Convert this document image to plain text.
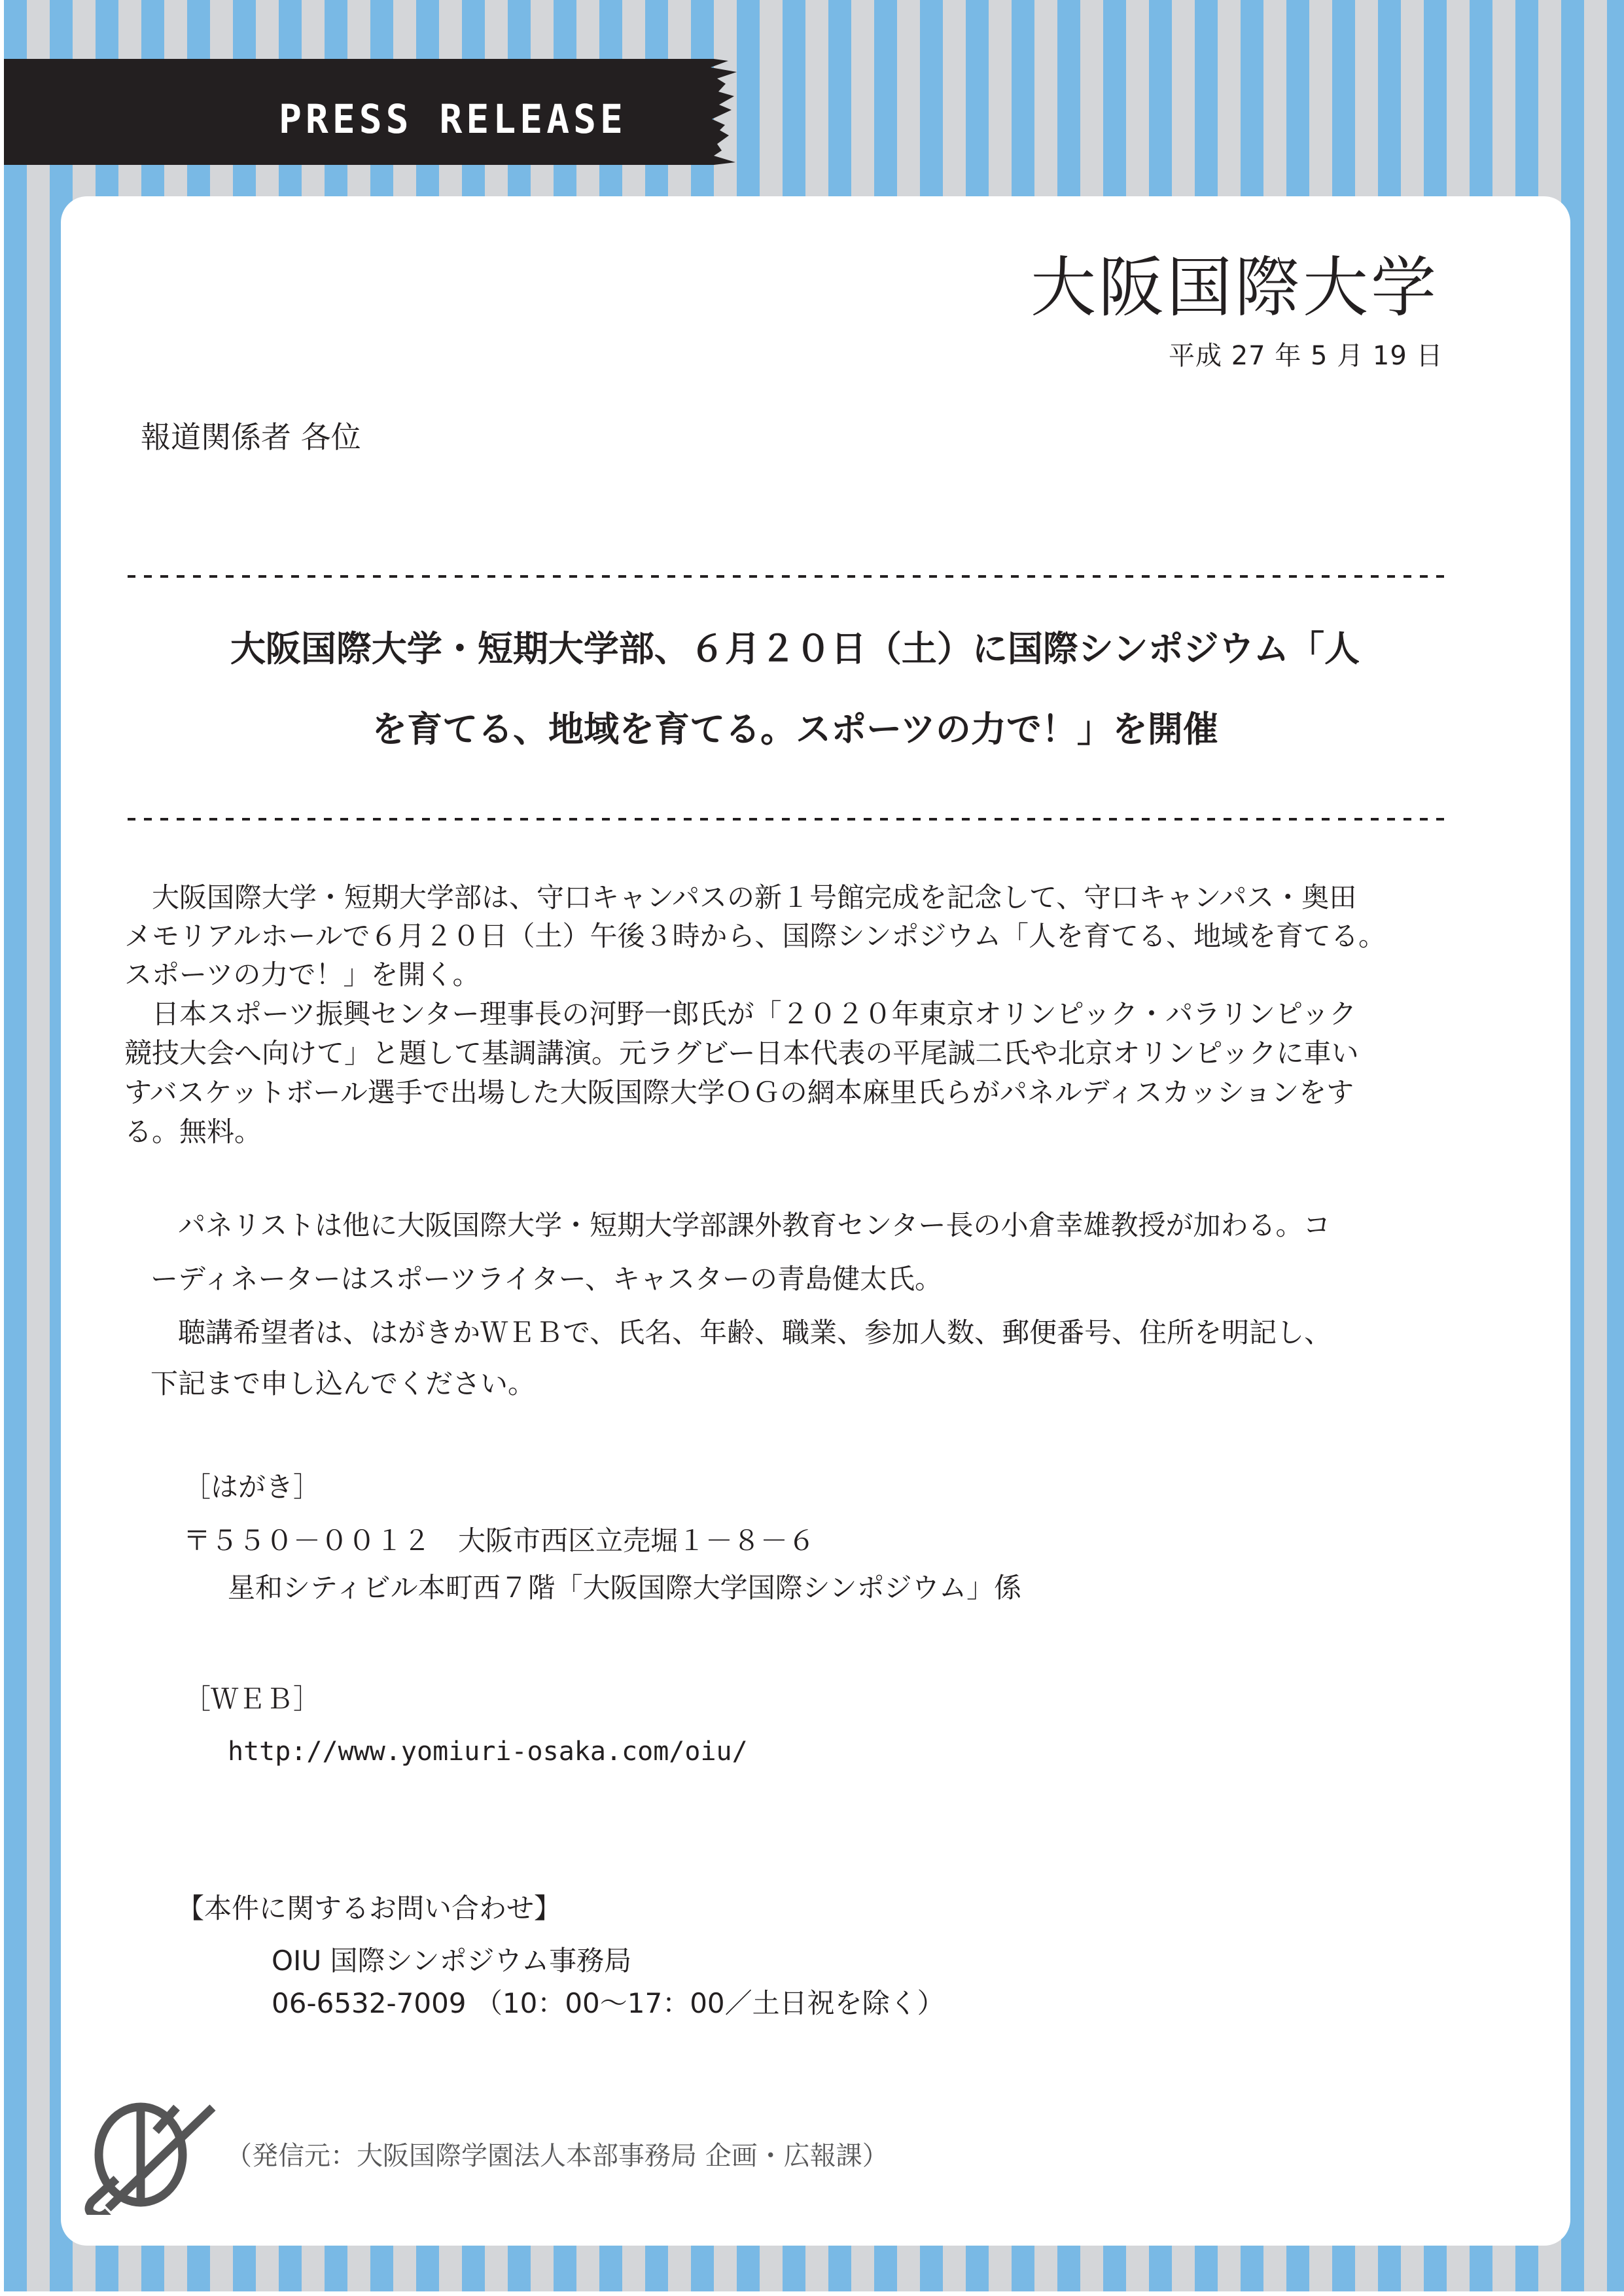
PRESS RELEASE
大阪国際大学
平成 27 年 5 月 19 日
報道関係者 各位
大阪国際大学・短期大学部、６月２０日（土）に国際シンポジウム「人
を育てる、地域を育てる。スポーツの力で！」を開催
　大阪国際大学・短期大学部は、守口キャンパスの新１号館完成を記念して、守口キャンパス・奥田
メモリアルホールで６月２０日（土）午後３時から、国際シンポジウム「人を育てる、地域を育てる。
スポーツの力で！」を開く。
　日本スポーツ振興センター理事長の河野一郎氏が「２０２０年東京オリンピック・パラリンピック
競技大会へ向けて」と題して基調講演。元ラグビー日本代表の平尾誠二氏や北京オリンピックに車い
すバスケットボール選手で出場した大阪国際大学ＯＧの網本麻里氏らがパネルディスカッションをす
る。無料。
　パネリストは他に大阪国際大学・短期大学部課外教育センター長の小倉幸雄教授が加わる。コ
ーディネーターはスポーツライター、キャスターの青島健太氏。
　聴講希望者は、はがきかＷＥＢで、氏名、年齢、職業、参加人数、郵便番号、住所を明記し、
下記まで申し込んでください。
［はがき］
〒５５０－００１２　大阪市西区立売堀１－８－６
星和シティビル本町西７階「大阪国際大学国際シンポジウム」係
［ＷＥＢ］
http://www.yomiuri-osaka.com/oiu/
【本件に関するお問い合わせ】
OIU 国際シンポジウム事務局
06-6532-7009 （10：00～17：00／土日祝を除く）
（発信元：大阪国際学園法人本部事務局 企画・広報課）
